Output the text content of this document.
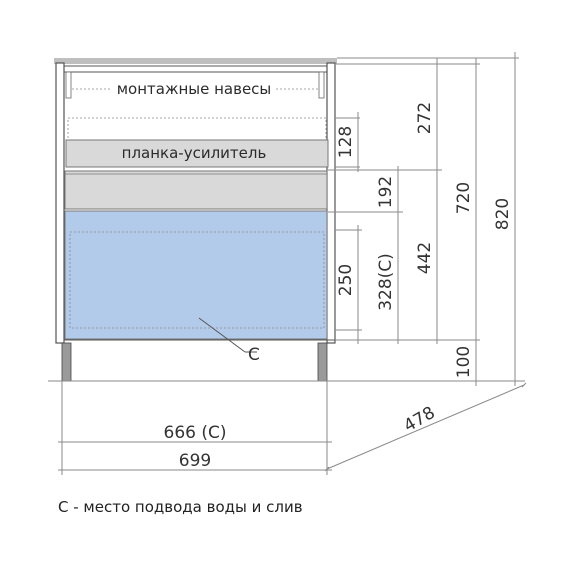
монтажные навесы
планка-усилитель
C
128
272
442
192
328(C)
250
720
100
820
666 (C)
699
478
C - место подвода воды и слив
